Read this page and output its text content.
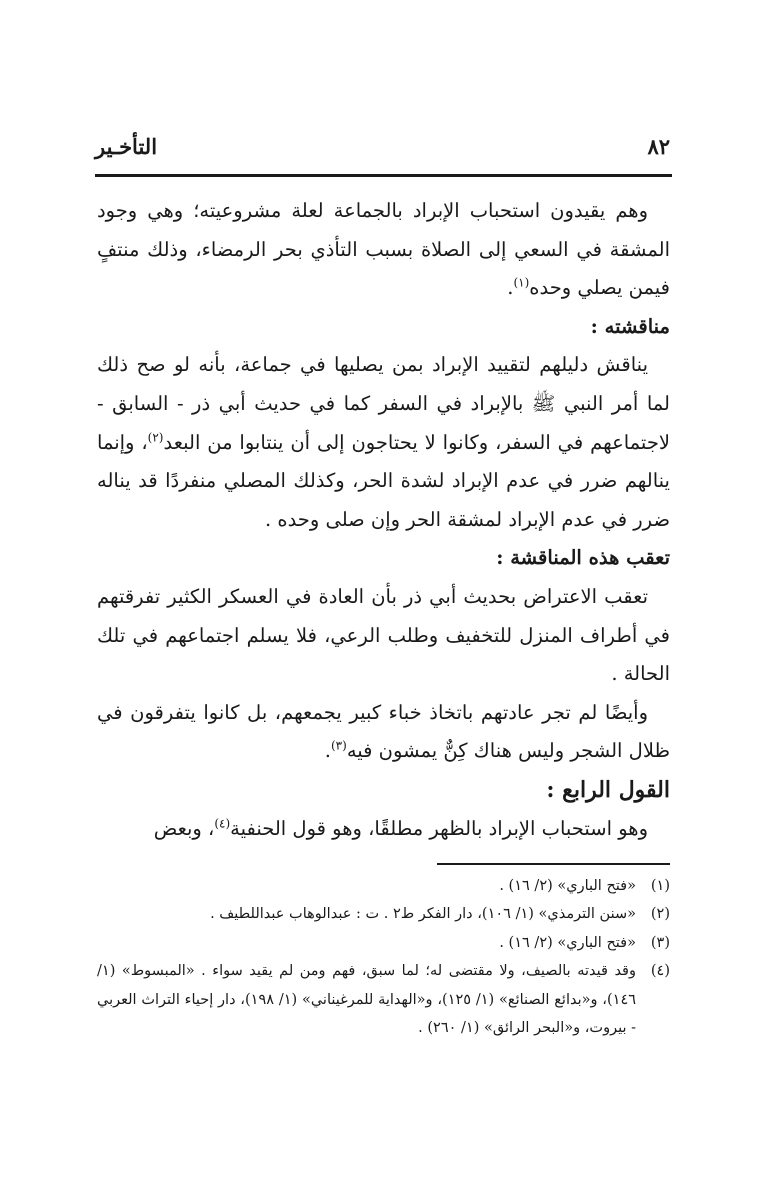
٨٢
التأخـير

وهم يقيدون استحباب الإبراد بالجماعة لعلة مشروعيته؛ وهي وجود المشقة في السعي إلى الصلاة بسبب التأذي بحر الرمضاء، وذلك منتفٍ فيمن يصلي وحده$^{(١)}$.

مناقشته :

يناقش دليلهم لتقييد الإبراد بمن يصليها في جماعة، بأنه لو صح ذلك لما أمر النبي ﷺ بالإبراد في السفر كما في حديث أبي ذر - السابق - لاجتماعهم في السفر، وكانوا لا يحتاجون إلى أن ينتابوا من البعد$^{(٢)}$، وإنما ينالهم ضرر في عدم الإبراد لشدة الحر، وكذلك المصلي منفردًا قد يناله ضرر في عدم الإبراد لمشقة الحر وإن صلى وحده .

تعقب هذه المناقشة :

تعقب الاعتراض بحديث أبي ذر بأن العادة في العسكر الكثير تفرقتهم في أطراف المنزل للتخفيف وطلب الرعي، فلا يسلم اجتماعهم في تلك الحالة .

وأيضًا لم تجر عادتهم باتخاذ خباء كبير يجمعهم، بل كانوا يتفرقون في ظلال الشجر وليس هناك كِنٌّ يمشون فيه$^{(٣)}$.

القول الرابع :

وهو استحباب الإبراد بالظهر مطلقًا، وهو قول الحنفية$^{(٤)}$، وبعض

(١)
«فتح الباري» (٢/ ١٦) .
(٢)
«سنن الترمذي» (١/ ١٠٦)، دار الفكر ط٢ . ت : عبدالوهاب عبداللطيف .
(٣)
«فتح الباري» (٢/ ١٦) .
(٤)
وقد قيدته بالصيف، ولا مقتضى له؛ لما سبق، فهم ومن لم يقيد سواء . «المبسوط» (١/ ١٤٦)، و«بدائع الصنائع» (١/ ١٢٥)، و«الهداية للمرغيناني» (١/ ١٩٨)، دار إحياء التراث العربي - بيروت، و«البحر الرائق» (١/ ٢٦٠) .
